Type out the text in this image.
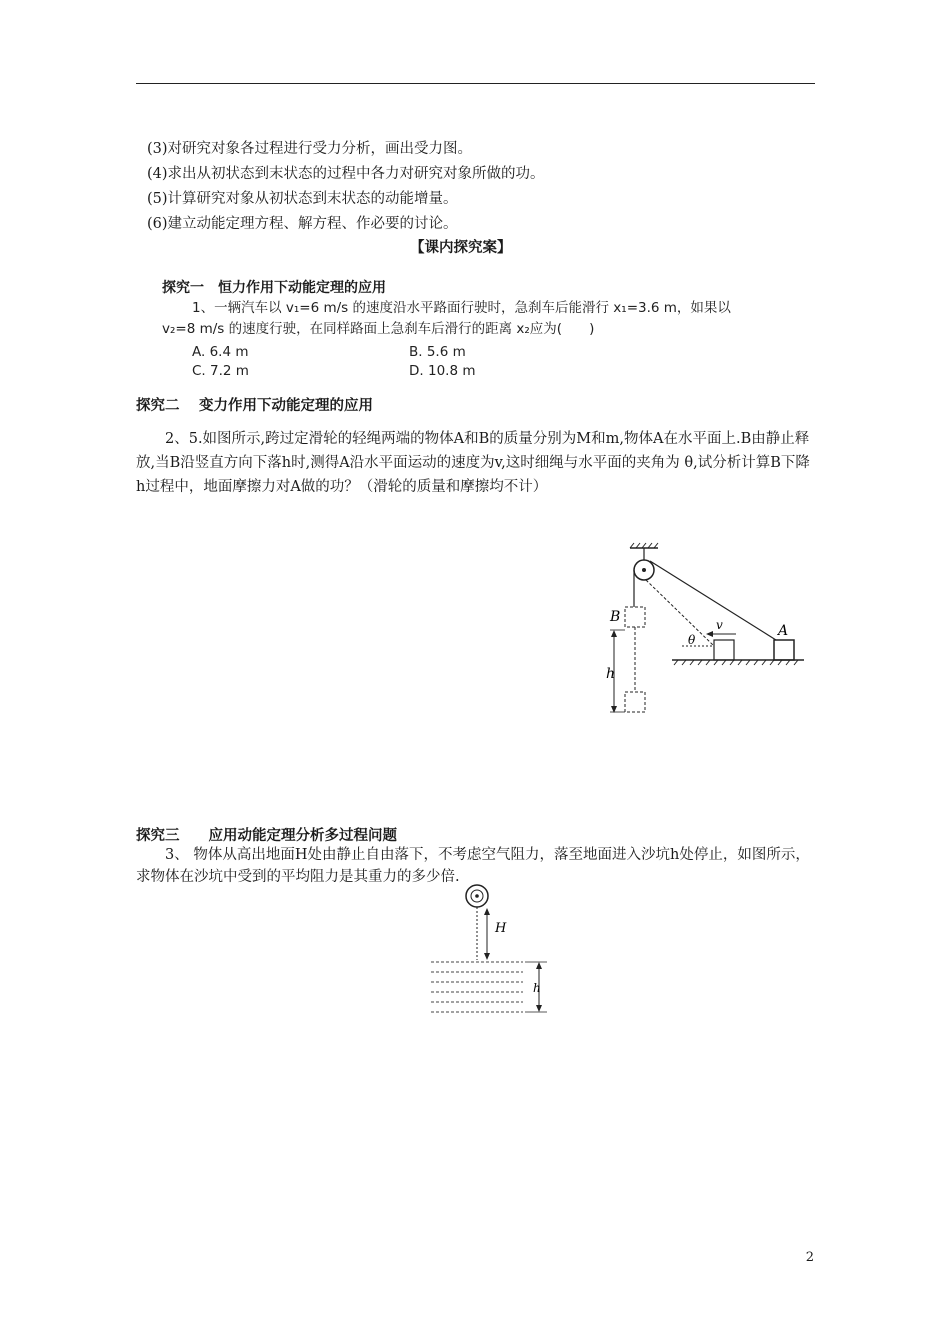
(3)对研究对象各过程进行受力分析，画出受力图。
(4)求出从初状态到末状态的过程中各力对研究对象所做的功。
(5)计算研究对象从初状态到末状态的动能增量。
(6)建立动能定理方程、解方程、作必要的讨论。
【课内探究案】
探究一　恒力作用下动能定理的应用
1、一辆汽车以 v₁=6 m/s 的速度沿水平路面行驶时，急刹车后能滑行 x₁=3.6 m，如果以
v₂=8 m/s 的速度行驶，在同样路面上急刹车后滑行的距离 x₂应为(　　)
A. 6.4 m	B. 5.6 m
C. 7.2 m	D. 10.8 m
探究二　 变力作用下动能定理的应用
2、5.如图所示,跨过定滑轮的轻绳两端的物体A和B的质量分别为M和m,物体A在水平面上.B由静止释放,当B沿竖直方向下落h时,测得A沿水平面运动的速度为v,这时细绳与水平面的夹角为 θ,试分析计算B下降h过程中，地面摩擦力对A做的功？（滑轮的质量和摩擦均不计）
B
h
A
v
θ
探究三　　应用动能定理分析多过程问题
3、 物体从高出地面H处由静止自由落下，不考虑空气阻力，落至地面进入沙坑h处停止，如图所示，求物体在沙坑中受到的平均阻力是其重力的多少倍.
H
h
2
